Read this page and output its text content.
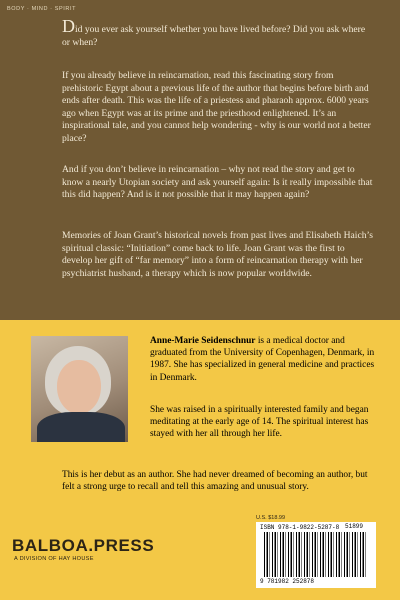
BODY · MIND · SPIRIT

Did you ever ask yourself whether you have lived before? Did you ask where or when?

If you already believe in reincarnation, read this fascinating story from prehistoric Egypt about a previous life of the author that begins before birth and ends after death. This was the life of a priestess and pharaoh approx. 6000 years ago when Egypt was at its prime and the priesthood enlightened. It’s an inspirational tale, and you cannot help wondering - why is our world not a better place?

And if you don’t believe in reincarnation – why not read the story and get to know a nearly Utopian society and ask yourself again: Is it really impossible that this did happen? And is it not possible that it may happen again?

Memories of Joan Grant’s historical novels from past lives and Elisabeth Haich’s spiritual classic: “Initiation” come back to life. Joan Grant was the first to develop her gift of “far memory” into a form of reincarnation therapy with her psychiatrist husband, a therapy which is now popular worldwide.

Anne-Marie Seidenschnur is a medical doctor and graduated from the University of Copenhagen, Denmark, in 1987. She has specialized in general medicine and practices in Denmark.

She was raised in a spiritually interested family and began meditating at the early age of 14. The spiritual interest has stayed with her all through her life.

This is her debut as an author. She had never dreamed of becoming an author, but felt a strong urge to recall and tell this amazing and unusual story.

U.S. $18.99
ISBN 978-1-9822-5287-8 51899
9 781982 252878
BALBOA.PRESS
A DIVISION OF HAY HOUSE
